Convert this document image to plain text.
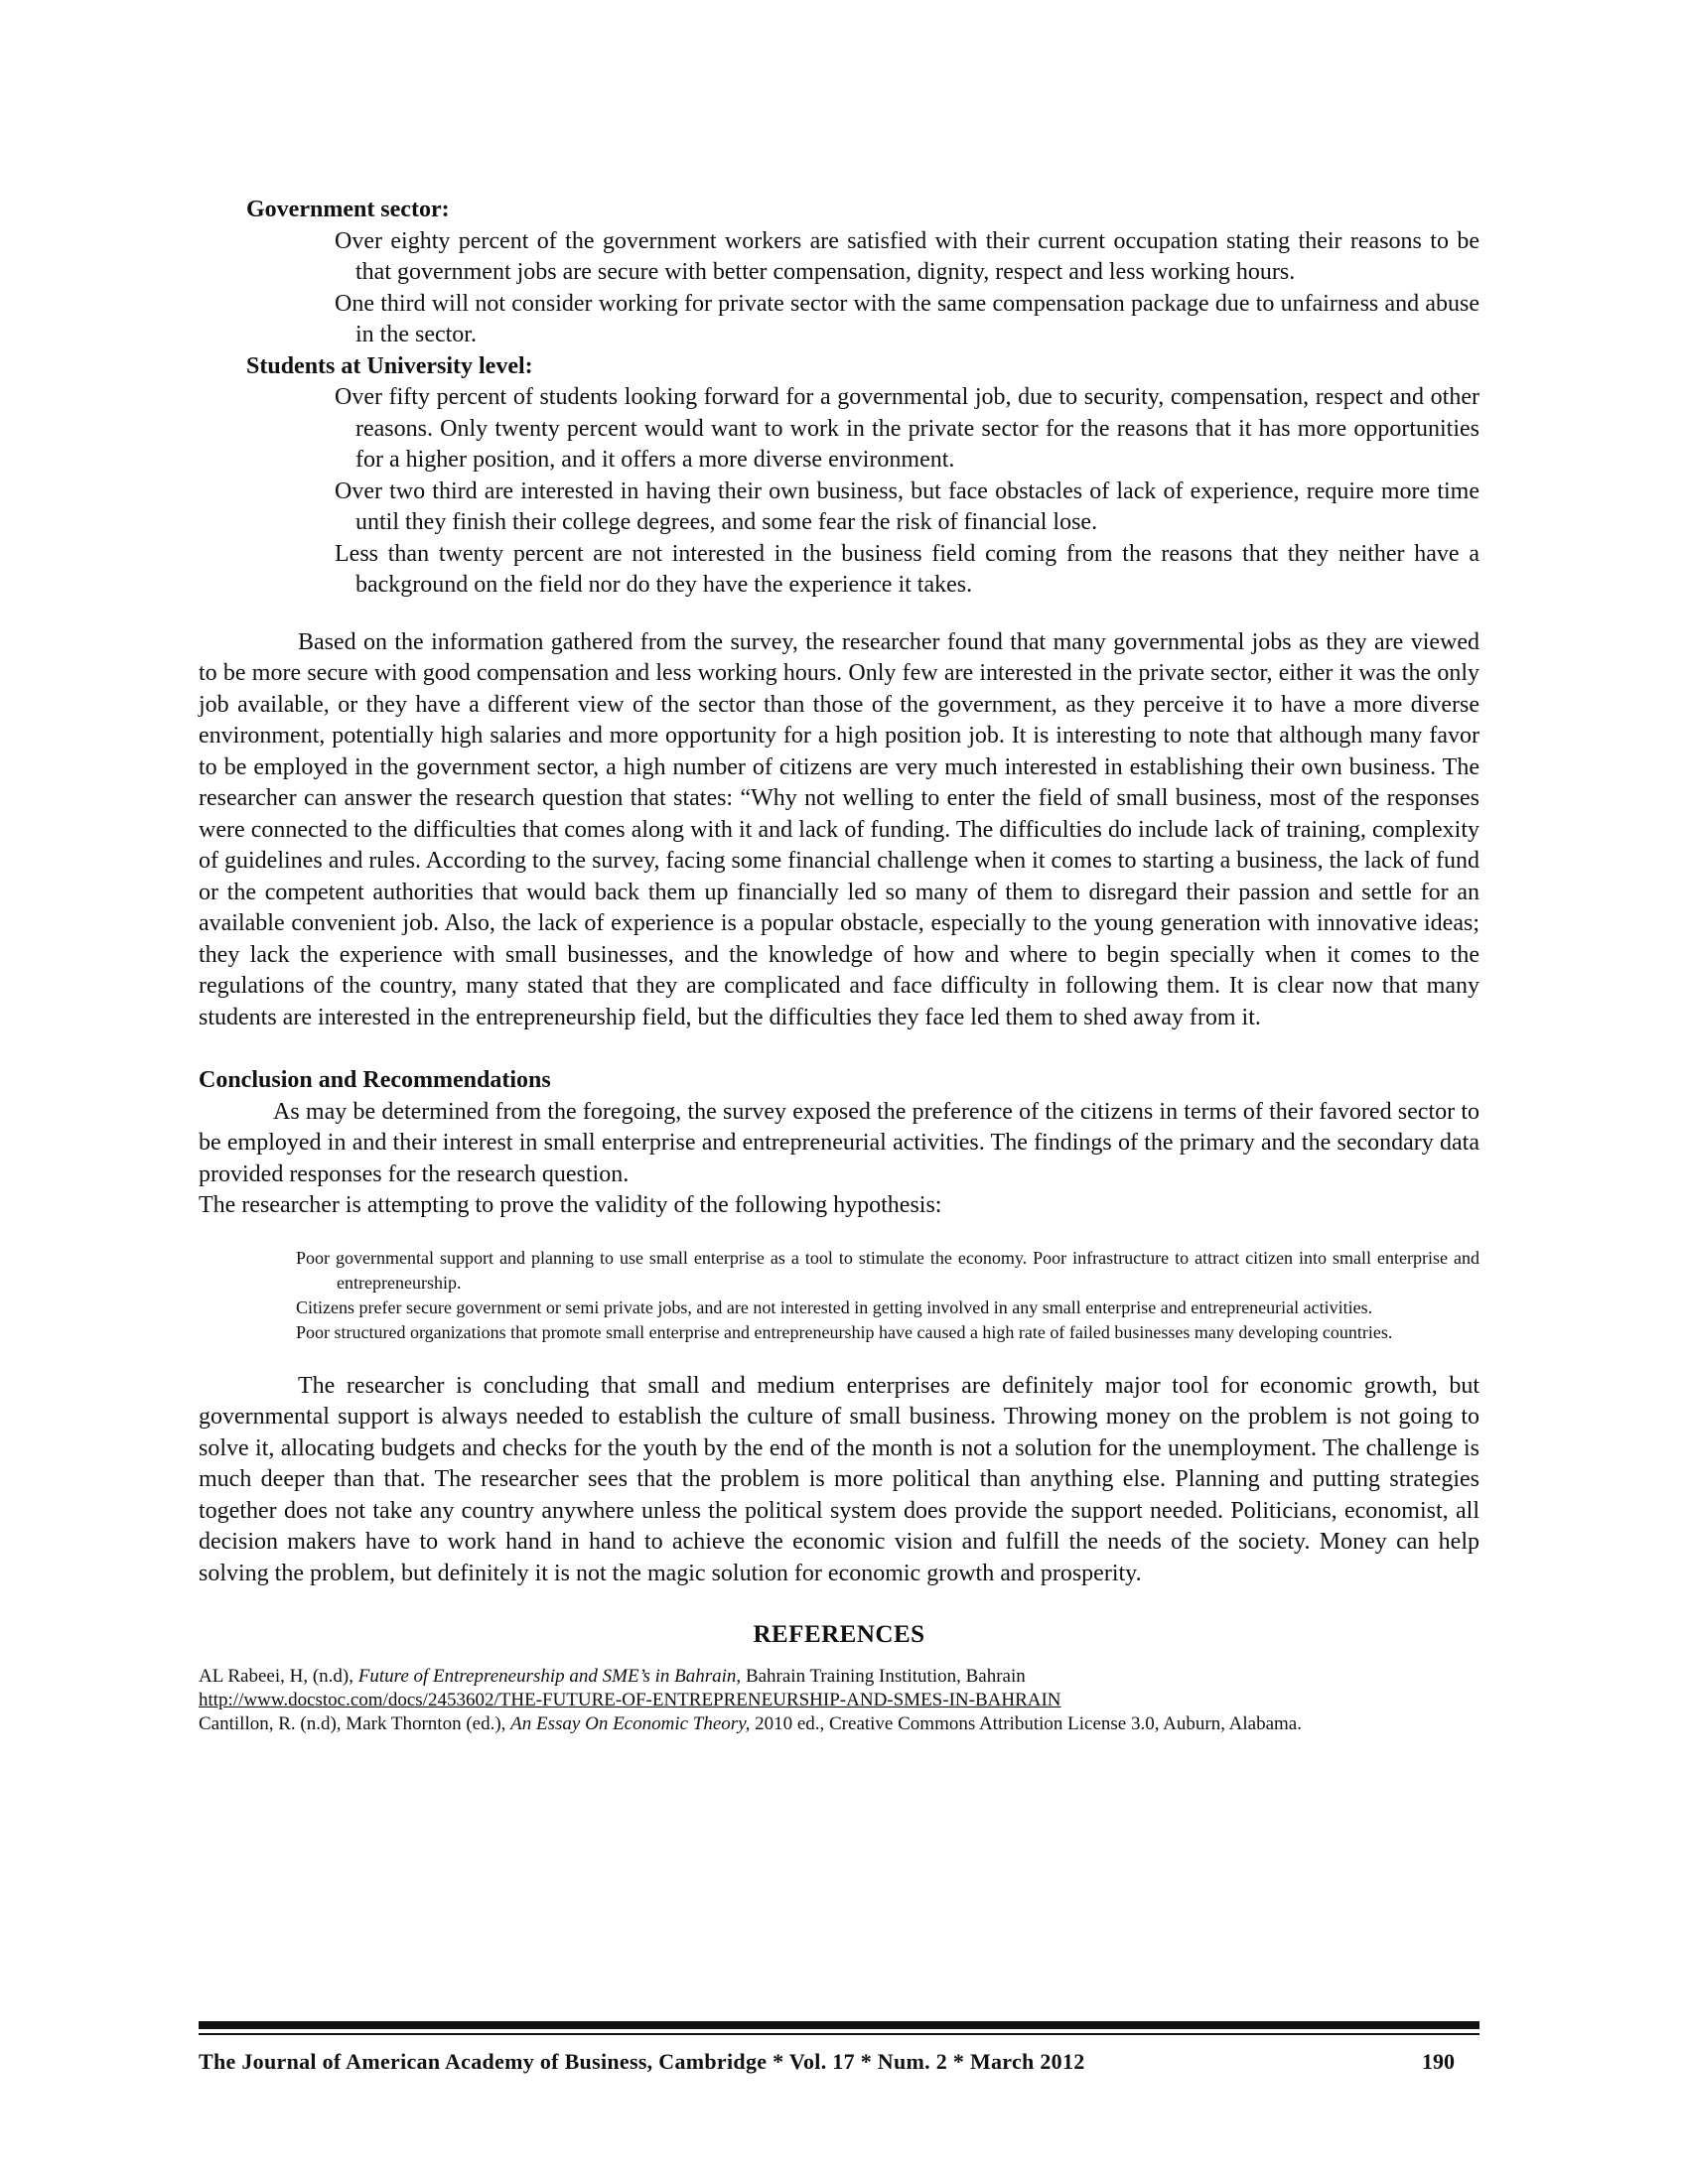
Government sector:
Over eighty percent of the government workers are satisfied with their current occupation stating their reasons to be that government jobs are secure with better compensation, dignity, respect and less working hours.
One third will not consider working for private sector with the same compensation package due to unfairness and abuse in the sector.
Students at University level:
Over fifty percent of students looking forward for a governmental job, due to security, compensation, respect and other reasons. Only twenty percent would want to work in the private sector for the reasons that it has more opportunities for a higher position, and it offers a more diverse environment.
Over two third are interested in having their own business, but face obstacles of lack of experience, require more time until they finish their college degrees, and some fear the risk of financial lose.
Less than twenty percent are not interested in the business field coming from the reasons that they neither have a background on the field nor do they have the experience it takes.
Based on the information gathered from the survey, the researcher found that many governmental jobs as they are viewed to be more secure with good compensation and less working hours. Only few are interested in the private sector, either it was the only job available, or they have a different view of the sector than those of the government, as they perceive it to have a more diverse environment, potentially high salaries and more opportunity for a high position job. It is interesting to note that although many favor to be employed in the government sector, a high number of citizens are very much interested in establishing their own business. The researcher can answer the research question that states: “Why not welling to enter the field of small business, most of the responses were connected to the difficulties that comes along with it and lack of funding. The difficulties do include lack of training, complexity of guidelines and rules. According to the survey, facing some financial challenge when it comes to starting a business, the lack of fund or the competent authorities that would back them up financially led so many of them to disregard their passion and settle for an available convenient job. Also, the lack of experience is a popular obstacle, especially to the young generation with innovative ideas; they lack the experience with small businesses, and the knowledge of how and where to begin specially when it comes to the regulations of the country, many stated that they are complicated and face difficulty in following them. It is clear now that many students are interested in the entrepreneurship field, but the difficulties they face led them to shed away from it.
Conclusion and Recommendations
As may be determined from the foregoing, the survey exposed the preference of the citizens in terms of their favored sector to be employed in and their interest in small enterprise and entrepreneurial activities. The findings of the primary and the secondary data provided responses for the research question.
The researcher is attempting to prove the validity of the following hypothesis:
Poor governmental support and planning to use small enterprise as a tool to stimulate the economy. Poor infrastructure to attract citizen into small enterprise and entrepreneurship.
Citizens prefer secure government or semi private jobs, and are not interested in getting involved in any small enterprise and entrepreneurial activities.
Poor structured organizations that promote small enterprise and entrepreneurship have caused a high rate of failed businesses many developing countries.
The researcher is concluding that small and medium enterprises are definitely major tool for economic growth, but governmental support is always needed to establish the culture of small business. Throwing money on the problem is not going to solve it, allocating budgets and checks for the youth by the end of the month is not a solution for the unemployment. The challenge is much deeper than that. The researcher sees that the problem is more political than anything else. Planning and putting strategies together does not take any country anywhere unless the political system does provide the support needed. Politicians, economist, all decision makers have to work hand in hand to achieve the economic vision and fulfill the needs of the society. Money can help solving the problem, but definitely it is not the magic solution for economic growth and prosperity.
REFERENCES
AL Rabeei, H, (n.d), Future of Entrepreneurship and SME’s in Bahrain, Bahrain Training Institution, Bahrain
http://www.docstoc.com/docs/2453602/THE-FUTURE-OF-ENTREPRENEURSHIP-AND-SMES-IN-BAHRAIN
Cantillon, R. (n.d), Mark Thornton (ed.), An Essay On Economic Theory, 2010 ed., Creative Commons Attribution License 3.0, Auburn, Alabama.
The Journal of American Academy of Business, Cambridge * Vol. 17 * Num. 2 * March 2012	190
